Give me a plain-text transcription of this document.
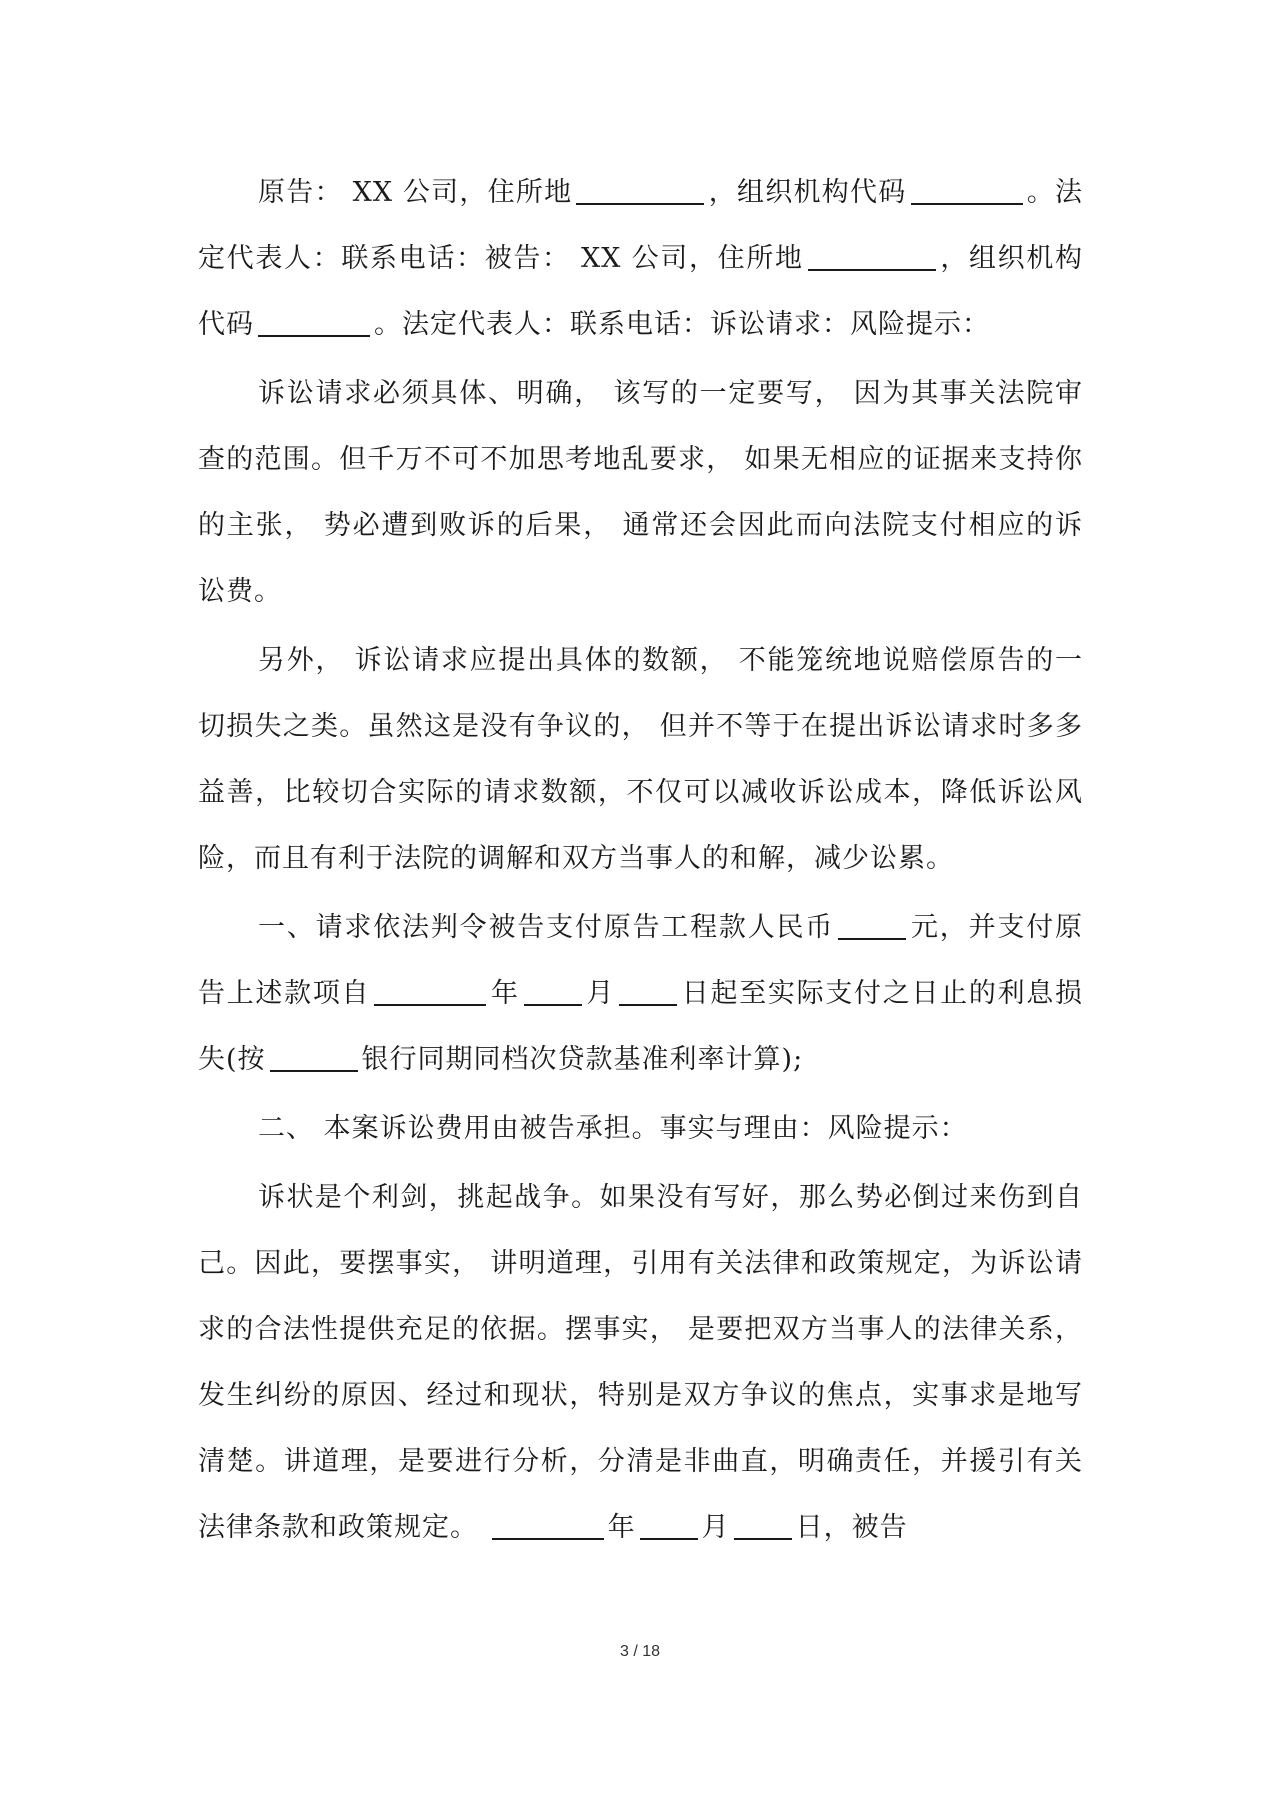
原告： XX 公司，住所地	，组织机构代码	。法定代表人：联系电话：被告： XX 公司，住所地	，组织机构代码	。法定代表人：联系电话：诉讼请求：风险提示：

诉讼请求必须具体、明确， 该写的一定要写， 因为其事关法院审查的范围。但千万不可不加思考地乱要求， 如果无相应的证据来支持你的主张， 势必遭到败诉的后果， 通常还会因此而向法院支付相应的诉讼费。

另外， 诉讼请求应提出具体的数额， 不能笼统地说赔偿原告的一切损失之类。虽然这是没有争议的， 但并不等于在提出诉讼请求时多多益善，比较切合实际的请求数额，不仅可以减收诉讼成本，降低诉讼风险，而且有利于法院的调解和双方当事人的和解，减少讼累。

一、请求依法判令被告支付原告工程款人民币	元，并支付原告上述款项自	年 月 日起至实际支付之日止的利息损失(按	银行同期同档次贷款基准利率计算);

二、 本案诉讼费用由被告承担。事实与理由：风险提示：

诉状是个利剑，挑起战争。如果没有写好，那么势必倒过来伤到自己。因此，要摆事实， 讲明道理，引用有关法律和政策规定，为诉讼请求的合法性提供充足的依据。摆事实， 是要把双方当事人的法律关系， 发生纠纷的原因、经过和现状，特别是双方争议的焦点，实事求是地写清楚。讲道理，是要进行分析，分清是非曲直，明确责任，并援引有关法律条款和政策规定。	年 月 日，被告

3 / 18
